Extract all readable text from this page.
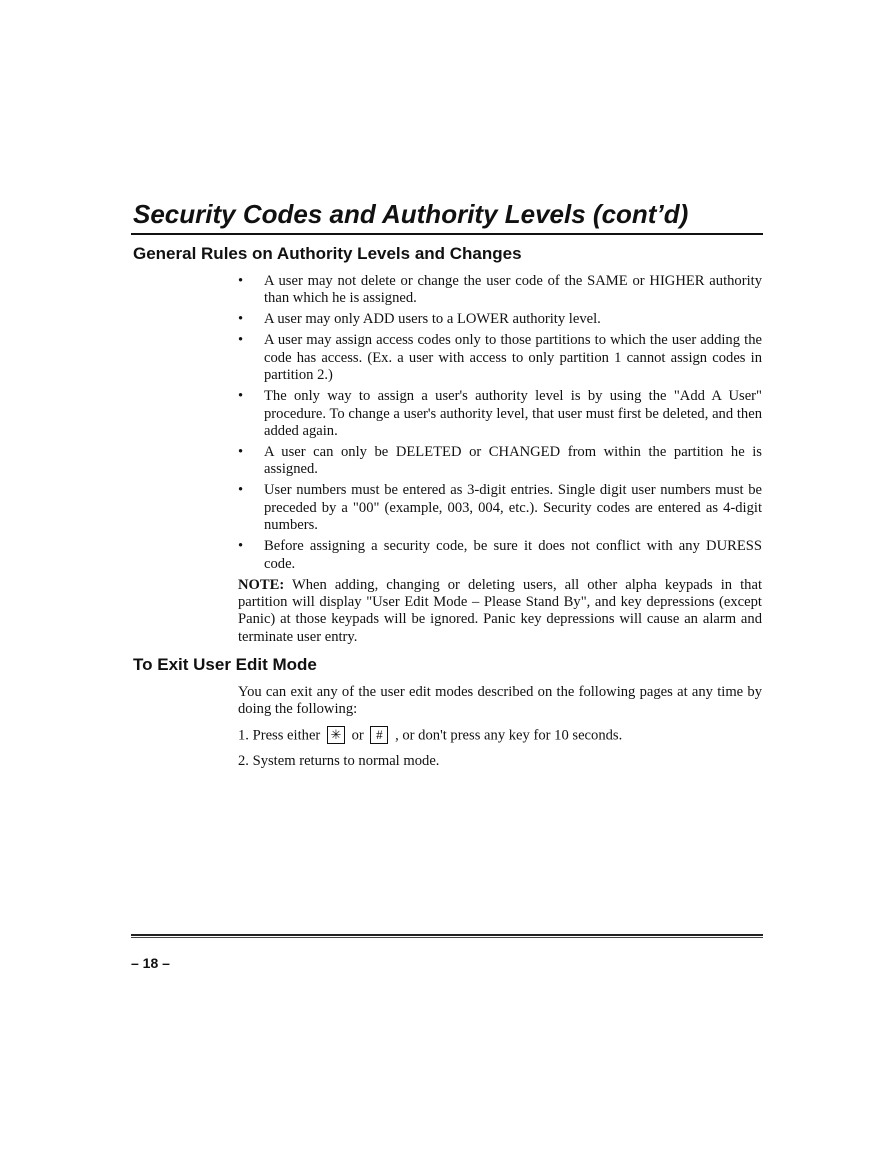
Security Codes and Authority Levels (cont’d)
General Rules on Authority Levels and Changes
•	A user may not delete or change the user code of the SAME or HIGHER authority than which he is assigned.
•	A user may only ADD users to a LOWER authority level.
•	A user may assign access codes only to those partitions to which the user adding the code has access. (Ex. a user with access to only partition 1 cannot assign codes in partition 2.)
•	The only way to assign a user's authority level is by using the "Add A User" procedure. To change a user's authority level, that user must first be deleted, and then added again.
•	A user can only be DELETED or CHANGED from within the partition he is assigned.
•	User numbers must be entered as 3-digit entries. Single digit user numbers must be preceded by a "00" (example, 003, 004, etc.). Security codes are entered as 4-digit numbers.
•	Before assigning a security code, be sure it does not conflict with any DURESS code.
NOTE: When adding, changing or deleting users, all other alpha keypads in that partition will display "User Edit Mode – Please Stand By", and key depressions (except Panic) at those keypads will be ignored. Panic key depressions will cause an alarm and terminate user entry.
To Exit User Edit Mode
You can exit any of the user edit modes described on the following pages at any time by doing the following:
1. Press either ✳ or # , or don't press any key for 10 seconds.
2. System returns to normal mode.
– 18 –
